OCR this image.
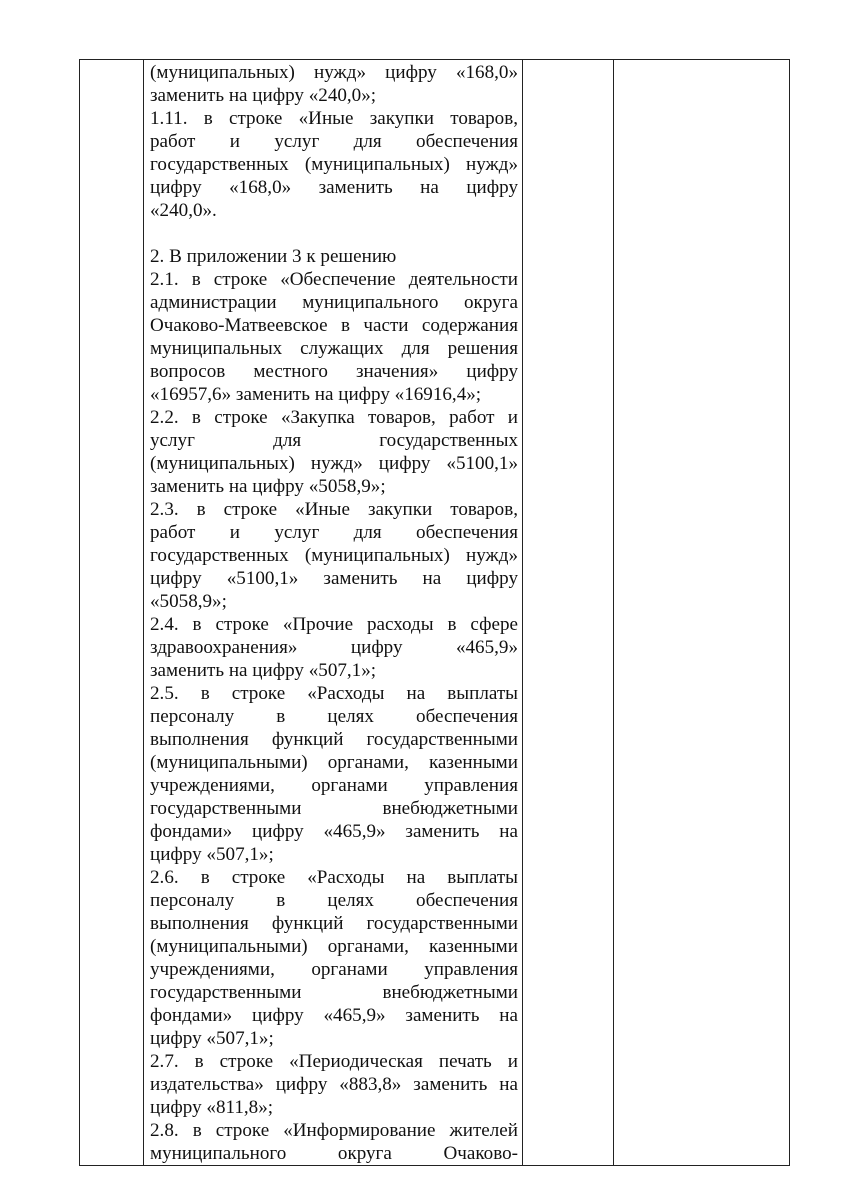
(муниципальных) нужд» цифру «168,0»
заменить на цифру «240,0»;
1.11. в строке «Иные закупки товаров,
работ и услуг для обеспечения
государственных (муниципальных) нужд»
цифру «168,0» заменить на цифру
«240,0».
2. В приложении 3 к решению
2.1. в строке «Обеспечение деятельности
администрации муниципального округа
Очаково-Матвеевское в части содержания
муниципальных служащих для решения
вопросов местного значения» цифру
«16957,6» заменить на цифру «16916,4»;
2.2. в строке «Закупка товаров, работ и
услуг для государственных
(муниципальных) нужд» цифру «5100,1»
заменить на цифру «5058,9»;
2.3. в строке «Иные закупки товаров,
работ и услуг для обеспечения
государственных (муниципальных) нужд»
цифру «5100,1» заменить на цифру
«5058,9»;
2.4. в строке «Прочие расходы в сфере
здравоохранения» цифру «465,9»
заменить на цифру «507,1»;
2.5. в строке «Расходы на выплаты
персоналу в целях обеспечения
выполнения функций государственными
(муниципальными) органами, казенными
учреждениями, органами управления
государственными внебюджетными
фондами» цифру «465,9» заменить на
цифру «507,1»;
2.6. в строке «Расходы на выплаты
персоналу в целях обеспечения
выполнения функций государственными
(муниципальными) органами, казенными
учреждениями, органами управления
государственными внебюджетными
фондами» цифру «465,9» заменить на
цифру «507,1»;
2.7. в строке «Периодическая печать и
издательства» цифру «883,8» заменить на
цифру «811,8»;
2.8. в строке «Информирование жителей
муниципального округа Очаково-
